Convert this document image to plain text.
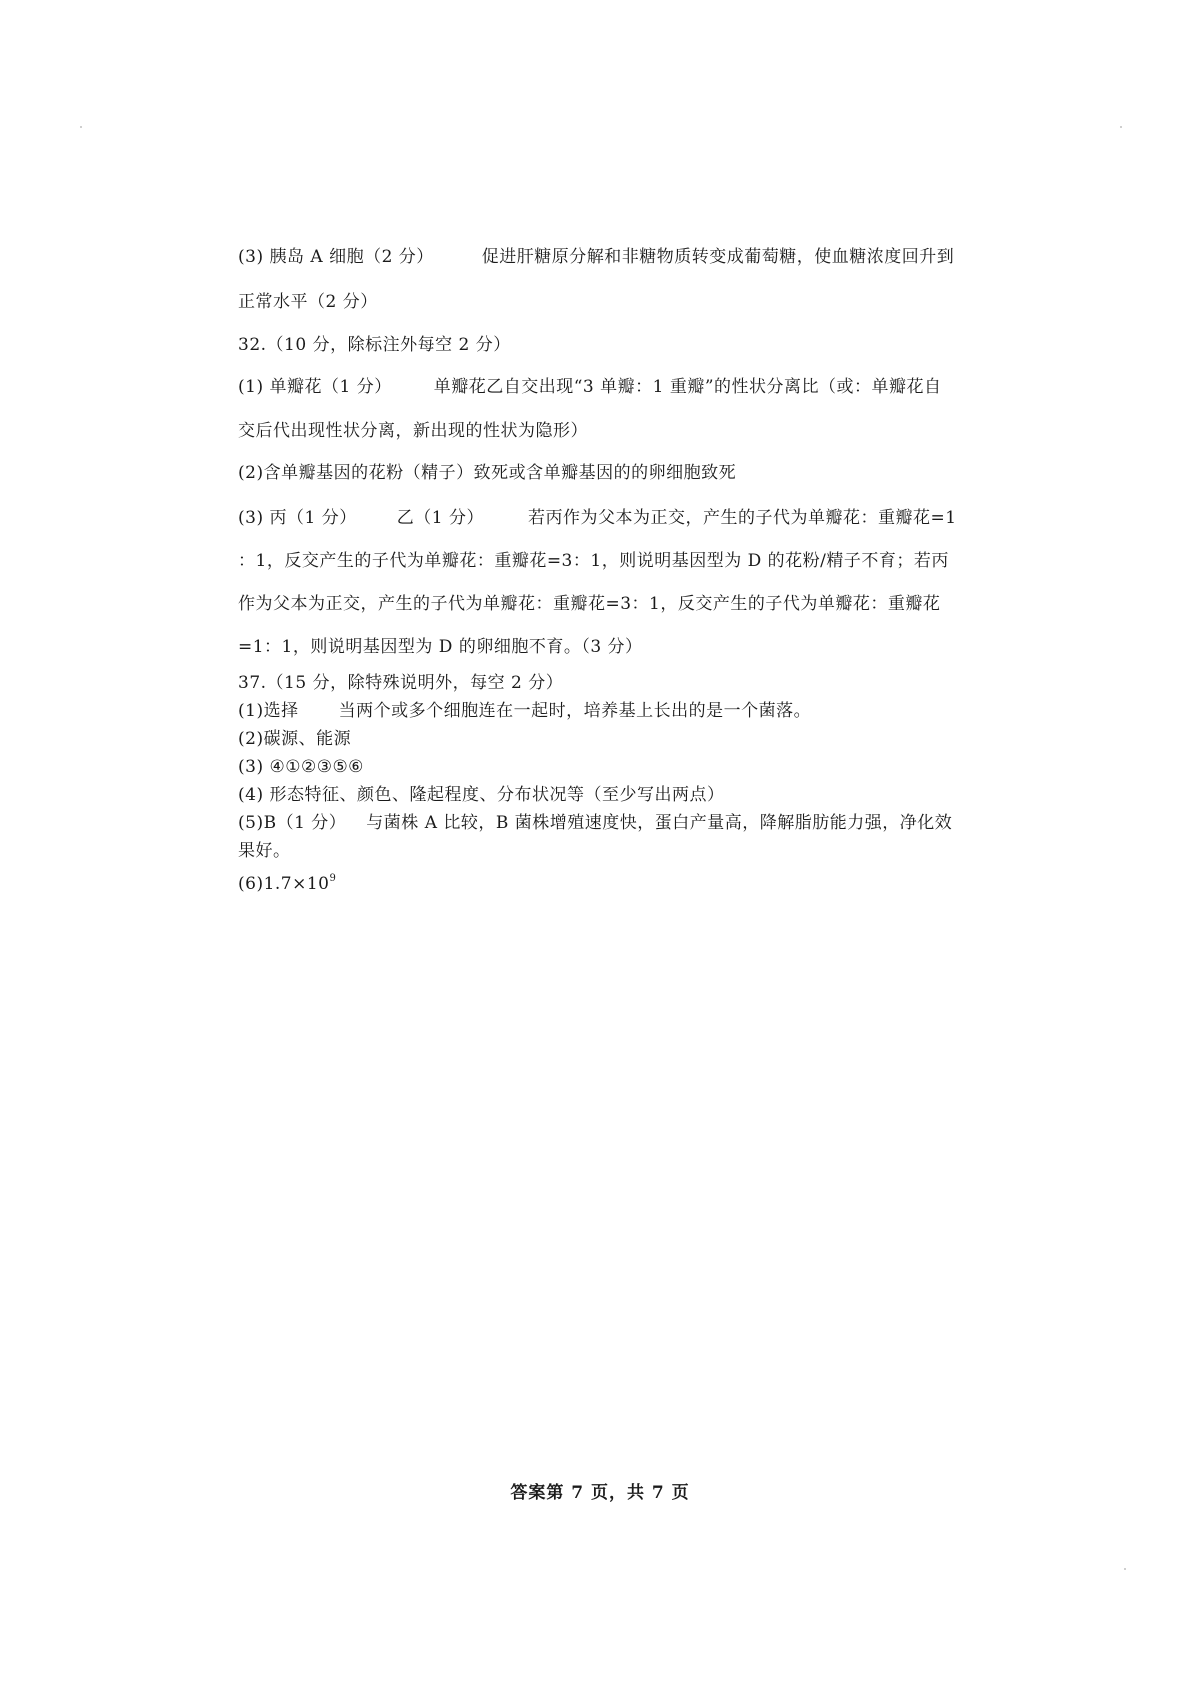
(3) 胰岛 A 细胞（2 分）	促进肝糖原分解和非糖物质转变成葡萄糖，使血糖浓度回升到
正常水平（2 分）
32.（10 分，除标注外每空 2 分）
(1) 单瓣花（1 分） 单瓣花乙自交出现“3 单瓣：1 重瓣”的性状分离比（或：单瓣花自
交后代出现性状分离，新出现的性状为隐形）
(2)含单瓣基因的花粉（精子）致死或含单瓣基因的的卵细胞致死
(3) 丙（1 分） 乙（1 分）	若丙作为父本为正交，产生的子代为单瓣花：重瓣花=1
：1，反交产生的子代为单瓣花：重瓣花=3：1，则说明基因型为 D 的花粉/精子不育；若丙
作为父本为正交，产生的子代为单瓣花：重瓣花=3：1，反交产生的子代为单瓣花：重瓣花
=1：1，则说明基因型为 D 的卵细胞不育。（3 分）
37.（15 分，除特殊说明外，每空 2 分）
(1)选择 当两个或多个细胞连在一起时，培养基上长出的是一个菌落。
(2)碳源、能源
(3) ④①②③⑤⑥
(4) 形态特征、颜色、隆起程度、分布状况等（至少写出两点）
(5)B（1 分） 与菌株 A 比较，B 菌株增殖速度快，蛋白产量高，降解脂肪能力强，净化效
果好。
$(6)1.7\times 10^9$
答案第 7 页，共 7 页
